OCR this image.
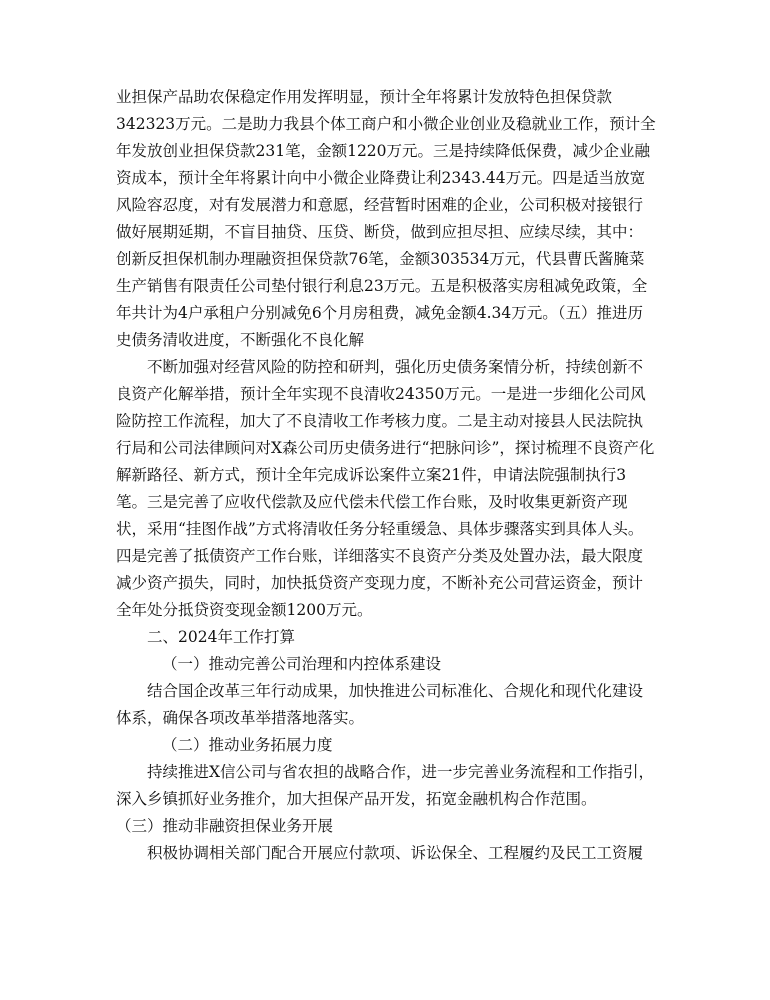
业担保产品助农保稳定作用发挥明显，预计全年将累计发放特色担保贷款342323万元。二是助力我县个体工商户和小微企业创业及稳就业工作，预计全年发放创业担保贷款231笔，金额1220万元。三是持续降低保费，减少企业融资成本，预计全年将累计向中小微企业降费让利2343.44万元。四是适当放宽风险容忍度，对有发展潜力和意愿，经营暂时困难的企业，公司积极对接银行做好展期延期，不盲目抽贷、压贷、断贷，做到应担尽担、应续尽续，其中：创新反担保机制办理融资担保贷款76笔，金额303534万元，代县曹氏酱腌菜生产销售有限责任公司垫付银行利息23万元。五是积极落实房租减免政策，全年共计为4户承租户分别减免6个月房租费，减免金额4.34万元。（五）推进历史债务清收进度，不断强化不良化解

不断加强对经营风险的防控和研判，强化历史债务案情分析，持续创新不良资产化解举措，预计全年实现不良清收24350万元。一是进一步细化公司风险防控工作流程，加大了不良清收工作考核力度。二是主动对接县人民法院执行局和公司法律顾问对X森公司历史债务进行“把脉问诊”，探讨梳理不良资产化解新路径、新方式，预计全年完成诉讼案件立案21件，申请法院强制执行3笔。三是完善了应收代偿款及应代偿未代偿工作台账，及时收集更新资产现状，采用“挂图作战”方式将清收任务分轻重缓急、具体步骤落实到具体人头。四是完善了抵债资产工作台账，详细落实不良资产分类及处置办法，最大限度减少资产损失，同时，加快抵贷资产变现力度，不断补充公司营运资金，预计全年处分抵贷资变现金额1200万元。

二、2024年工作打算

（一）推动完善公司治理和内控体系建设

结合国企改革三年行动成果，加快推进公司标准化、合规化和现代化建设体系，确保各项改革举措落地落实。

（二）推动业务拓展力度

持续推进X信公司与省农担的战略合作，进一步完善业务流程和工作指引，深入乡镇抓好业务推介，加大担保产品开发，拓宽金融机构合作范围。

（三）推动非融资担保业务开展

积极协调相关部门配合开展应付款项、诉讼保全、工程履约及民工工资履
